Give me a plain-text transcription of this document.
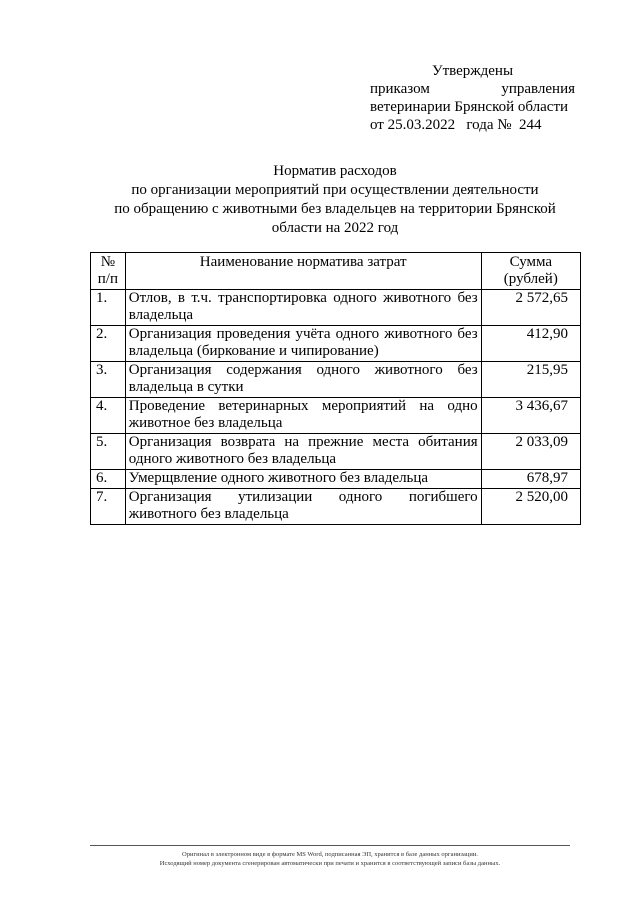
Утверждены
приказом	управления
ветеринарии Брянской области
от 25.03.2022   года №  244
Норматив расходов
по организации мероприятий при осуществлении деятельности
по обращению с животными без владельцев на территории Брянской
области на 2022 год
№ п/п	Наименование норматива затрат	Сумма (рублей)
1.	Отлов, в т.ч. транспортировка одного животного без владельца	2 572,65
2.	Организация проведения учёта одного животного без владельца (биркование и чипирование)	412,90
3.	Организация содержания одного животного без владельца в сутки	215,95
4.	Проведение ветеринарных мероприятий на одно животное без владельца	3 436,67
5.	Организация возврата на прежние места обитания одного животного без владельца	2 033,09
6.	Умерщвление одного животного без владельца	678,97
7.	Организация утилизации одного погибшего животного без владельца	2 520,00
Оригинал в электронном виде в формате MS Word, подписанная ЭП, хранится в базе данных организации.
Исходящий номер документа сгенерирован автоматически при печати и хранится в соответствующей записи базы данных.
